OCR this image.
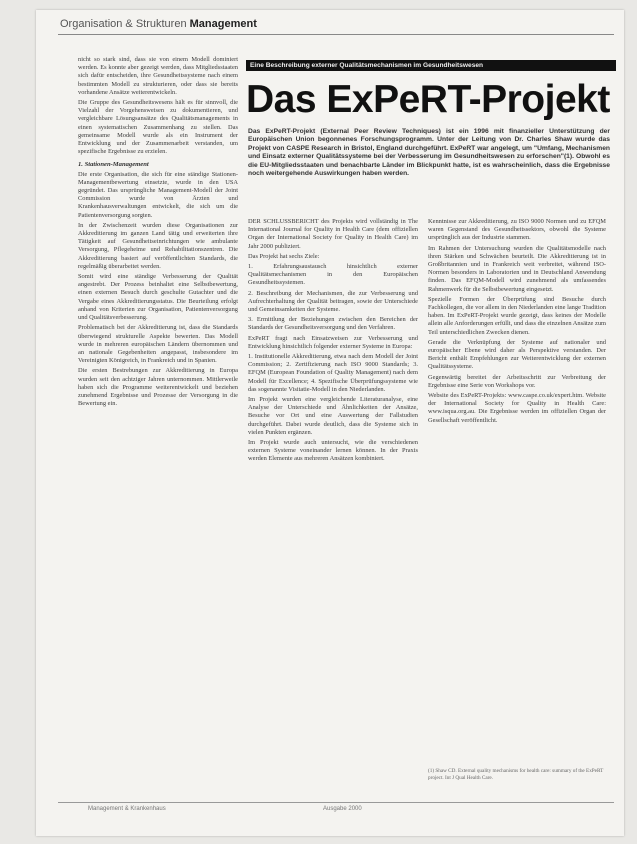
Organisation & Strukturen Management

nicht so stark sind, dass sie von einem Modell dominiert werden. Es konnte aber gezeigt werden, dass Mitgliedsstaaten sich dafür entscheiden, ihre Gesundheitssysteme nach einem bestimmten Modell zu strukturieren, oder dass sie bereits vorhandene Ansätze weiterentwickeln.

Die Gruppe des Gesundheitswesens hält es für sinnvoll, die Vielzahl der Vorgehensweisen zu dokumentieren, und vergleichbare Lösungsansätze des Qualitätsmanagements in einen systematischen Zusammenhang zu stellen. Das gemeinsame Modell wurde als ein Instrument der Entwicklung und der Zusammenarbeit verstanden, um spezifische Ergebnisse zu erzielen.

1. Stationen-Management

Die erste Organisation, die sich für eine ständige Stationen-Managementbewertung einsetzte, wurde in den USA gegründet. Das ursprüngliche Management-Modell der Joint Commission wurde von Ärzten und Krankenhausverwaltungen entwickelt, die sich um die Patientenversorgung sorgten.

In der Zwischenzeit wurden diese Organisationen zur Akkreditierung im ganzen Land tätig und erweiterten ihre Tätigkeit auf Gesundheitseinrichtungen wie ambulante Versorgung, Pflegeheime und Rehabilitationszentren. Die Akkreditierung basiert auf veröffentlichten Standards, die regelmäßig überarbeitet werden.

Somit wird eine ständige Verbesserung der Qualität angestrebt. Der Prozess beinhaltet eine Selbstbewertung, einen externen Besuch durch geschulte Gutachter und die Vergabe eines Akkreditierungsstatus. Die Beurteilung erfolgt anhand von Kriterien zur Organisation, Patientenversorgung und Qualitätsverbesserung.

Problematisch bei der Akkreditierung ist, dass die Standards überwiegend strukturelle Aspekte bewerten. Das Modell wurde in mehreren europäischen Ländern übernommen und an nationale Gegebenheiten angepasst, insbesondere im Vereinigten Königreich, in Frankreich und in Spanien.

Die ersten Bestrebungen zur Akkreditierung in Europa wurden seit den achtziger Jahren unternommen. Mittlerweile haben sich die Programme weiterentwickelt und beziehen zunehmend Ergebnisse und Prozesse der Versorgung in die Bewertung ein.

Eine Beschreibung externer Qualitätsmechanismen im Gesundheitswesen
Das ExPeRT-Projekt
Das ExPeRT-Projekt (External Peer Review Techniques) ist ein 1996 mit finanzieller Unterstützung der Europäischen Union begonnenes Forschungsprogramm. Unter der Leitung von Dr. Charles Shaw wurde das Projekt von CASPE Research in Bristol, England durchgeführt. ExPeRT war angelegt, um "Umfang, Mechanismen und Einsatz externer Qualitätssysteme bei der Verbesserung im Gesundheitswesen zu erforschen"(1). Obwohl es die EU-Mitgliedsstaaten und benachbarte Länder im Blickpunkt hatte, ist es wahrscheinlich, dass die Ergebnisse noch weitergehende Auswirkungen haben werden.

DER SCHLUSSBERICHT des Projekts wird vollständig in The International Journal for Quality in Health Care (dem offiziellen Organ der International Society for Quality in Health Care) im Jahr 2000 publiziert.

Das Projekt hat sechs Ziele:

1. Erfahrungsaustausch hinsichtlich externer Qualitätsmechanismen in den Europäischen Gesundheitssystemen.

2. Beschreibung der Mechanismen, die zur Verbesserung und Aufrechterhaltung der Qualität beitragen, sowie der Unterschiede und Gemeinsamkeiten der Systeme.

3. Ermittlung der Beziehungen zwischen den Bereichen der Standards der Gesundheitsversorgung und den Verfahren.

ExPeRT fragt nach Einsatzweisen zur Verbesserung und Entwicklung hinsichtlich folgender externer Systeme in Europa:

1. Institutionelle Akkreditierung, etwa nach dem Modell der Joint Commission; 2. Zertifizierung nach ISO 9000 Standards; 3. EFQM (European Foundation of Quality Management) nach dem Modell für Excellence; 4. Spezifische Überprüfungssysteme wie das sogenannte Visitatie-Modell in den Niederlanden.

Im Projekt wurden eine vergleichende Literaturanalyse, eine Analyse der Unterschiede und Ähnlichkeiten der Ansätze, Besuche vor Ort und eine Auswertung der Fallstudien durchgeführt. Dabei wurde deutlich, dass die Systeme sich in vielen Punkten ergänzen.

Im Projekt wurde auch untersucht, wie die verschiedenen externen Systeme voneinander lernen können. In der Praxis werden Elemente aus mehreren Ansätzen kombiniert.

Kenntnisse zur Akkreditierung, zu ISO 9000 Normen und zu EFQM waren Gegenstand des Gesundheitssektors, obwohl die Systeme ursprünglich aus der Industrie stammen.

Im Rahmen der Untersuchung wurden die Qualitätsmodelle nach ihren Stärken und Schwächen beurteilt. Die Akkreditierung ist in Großbritannien und in Frankreich weit verbreitet, während ISO-Normen besonders in Laboratorien und in Deutschland Anwendung finden. Das EFQM-Modell wird zunehmend als umfassendes Rahmenwerk für die Selbstbewertung eingesetzt.

Spezielle Formen der Überprüfung sind Besuche durch Fachkollegen, die vor allem in den Niederlanden eine lange Tradition haben. Im ExPeRT-Projekt wurde gezeigt, dass keines der Modelle allein alle Anforderungen erfüllt, und dass die einzelnen Ansätze zum Teil unterschiedlichen Zwecken dienen.

Gerade die Verknüpfung der Systeme auf nationaler und europäischer Ebene wird daher als Perspektive verstanden. Der Bericht enthält Empfehlungen zur Weiterentwicklung der externen Qualitätssysteme.

Gegenwärtig bereitet der Arbeitsschritt zur Verbreitung der Ergebnisse eine Serie von Workshops vor.

Website des ExPeRT-Projekts: www.caspe.co.uk/expert.htm. Website der International Society for Quality in Health Care: www.isqua.org.au. Die Ergebnisse werden im offiziellen Organ der Gesellschaft veröffentlicht.

(1) Shaw CD. External quality mechanisms for health care: summary of the ExPeRT project. Int J Qual Health Care.
Management & Krankenhaus	Ausgabe 2000
